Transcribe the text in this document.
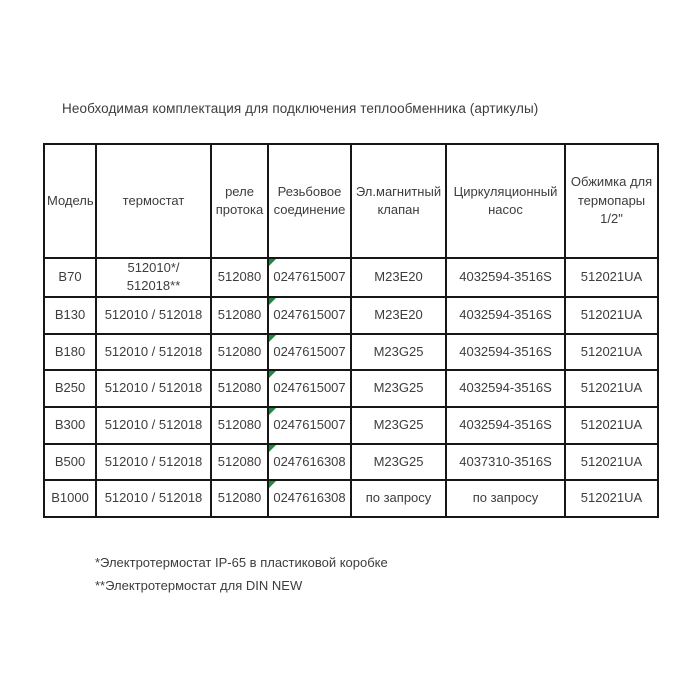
Необходимая комплектация для подключения теплообменника (артикулы)
Модель	термостат	реле протока	Резьбовое соединение	Эл.магнитный клапан	Циркуляционный насос	Обжимка для термопары 1/2"
B70	512010*/ 512018**	512080	0247615007	M23E20	4032594-3516S	512021UA
B130	512010 / 512018	512080	0247615007	M23E20	4032594-3516S	512021UA
B180	512010 / 512018	512080	0247615007	M23G25	4032594-3516S	512021UA
B250	512010 / 512018	512080	0247615007	M23G25	4032594-3516S	512021UA
B300	512010 / 512018	512080	0247615007	M23G25	4032594-3516S	512021UA
B500	512010 / 512018	512080	0247616308	M23G25	4037310-3516S	512021UA
B1000	512010 / 512018	512080	0247616308	по запросу	по запросу	512021UA
*Электротермостат IP-65 в пластиковой коробке
**Электротермостат для DIN NEW
